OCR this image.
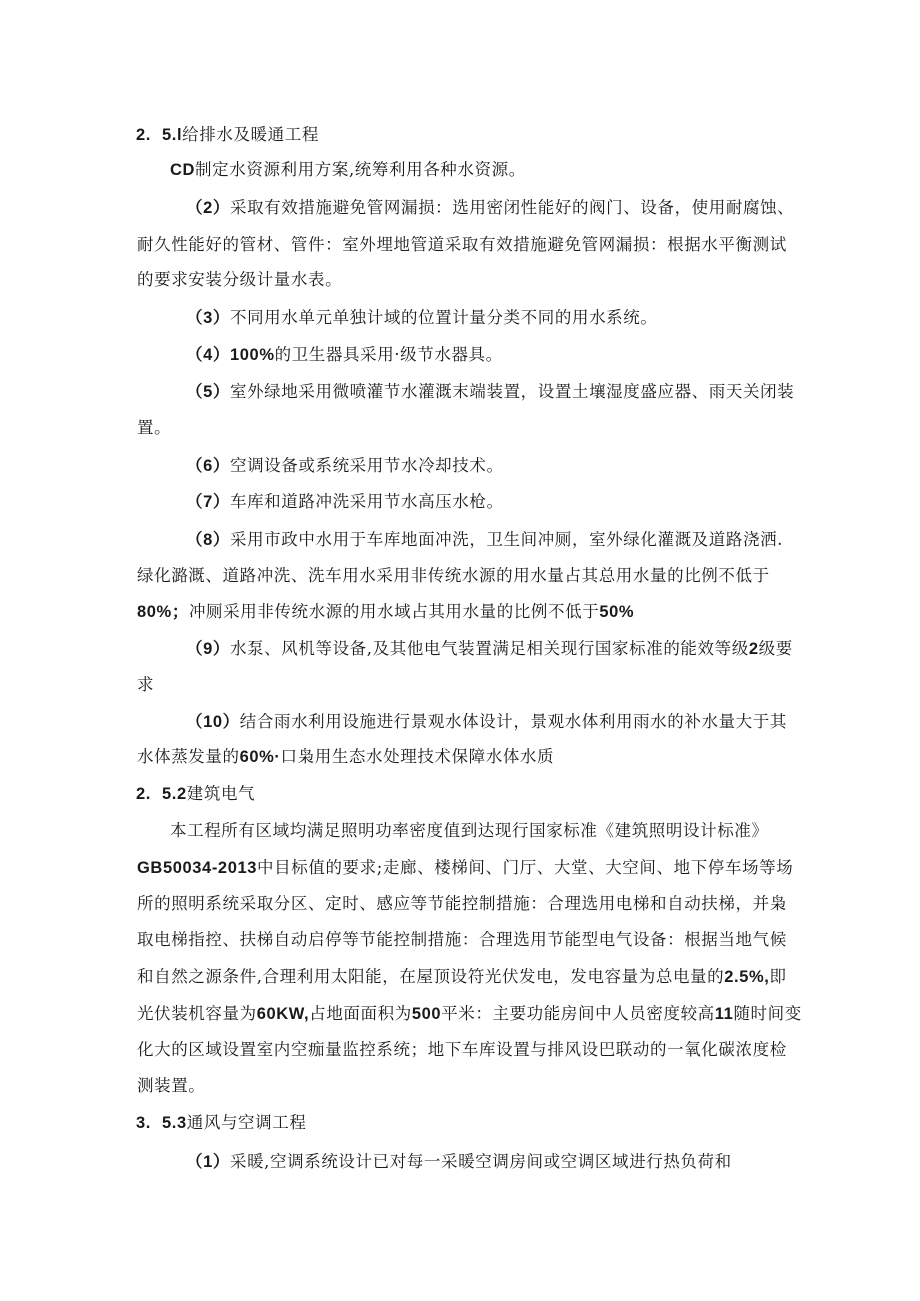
2. 5.l给排水及暖通工程
CD制定水资源利用方案,统筹利用各种水资源。
（2）采取有效措施避免管网漏损：选用密闭性能好的阀门、设备，使用耐腐蚀、
耐久性能好的管材、管件：室外埋地管道采取有效措施避免管网漏损：根据水平衡测试
的要求安装分级计量水表。
（3）不同用水单元单独计域的位置计量分类不同的用水系统。
（4）100%的卫生器具采用·级节水器具。
（5）室外绿地采用微喷灌节水灌溉末端装置，设置土壤湿度盛应器、雨天关闭装
置。
（6）空调设备或系统采用节水冷却技术。
（7）车库和道路冲洗采用节水高压水枪。
（8）采用市政中水用于车库地面冲洗，卫生间冲厕，室外绿化灌溉及道路浇洒.
绿化潞溉、道路冲洗、洗车用水采用非传统水源的用水量占其总用水量的比例不低于
80%；冲厕采用非传统水源的用水域占其用水量的比例不低于50%
（9）水泵、风机等设备,及其他电气装置满足相关现行国家标准的能效等级2级要
求
（10）结合雨水利用设施进行景观水体设计，景观水体利用雨水的补水量大于其
水体蒸发量的60%·口枭用生态水处理技术保障水体水质
2. 5.2建筑电气
本工程所有区域均满足照明功率密度值到达现行国家标准《建筑照明设计标准》
GB50034-2013中目标值的要求;走廊、楼梯间、门厅、大堂、大空间、地下停车场等场
所的照明系统采取分区、定时、感应等节能控制措施：合理选用电梯和自动扶梯，并枭
取电梯指控、扶梯自动启停等节能控制措施：合理选用节能型电气设备：根据当地气候
和自然之源条件,合理利用太阳能，在屋顶设符光伏发电，发电容量为总电量的2.5%,即
光伏装机容量为60KW,占地面面积为500平米：主要功能房间中人员密度较高11随时间变
化大的区域设置室内空痂量监控系统；地下车库设置与排风设巴联动的一氧化碳浓度检
测装置。
3. 5.3通风与空调工程
（1）采暖,空调系统设计已对每一采暖空调房间或空调区域进行热负荷和
